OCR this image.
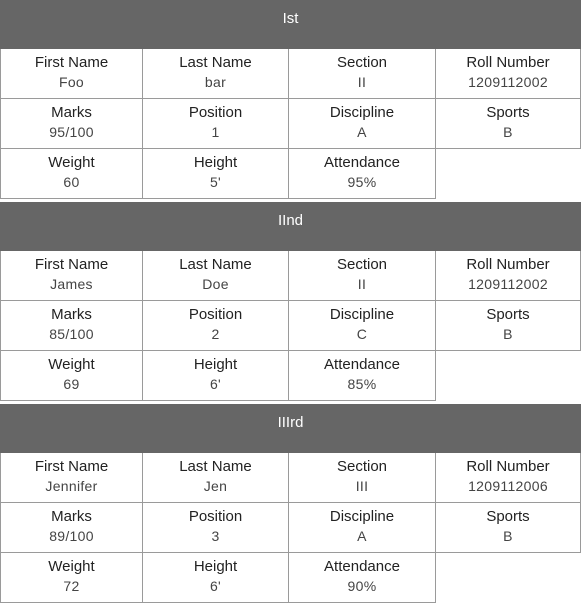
Ist
First Name
Foo
Last Name
bar
Section
II
Roll Number
1209112002
Marks
95/100
Position
1
Discipline
A
Sports
B
Weight
60
Height
5'
Attendance
95%
IInd
First Name
James
Last Name
Doe
Section
II
Roll Number
1209112002
Marks
85/100
Position
2
Discipline
C
Sports
B
Weight
69
Height
6'
Attendance
85%
IIIrd
First Name
Jennifer
Last Name
Jen
Section
III
Roll Number
1209112006
Marks
89/100
Position
3
Discipline
A
Sports
B
Weight
72
Height
6'
Attendance
90%
